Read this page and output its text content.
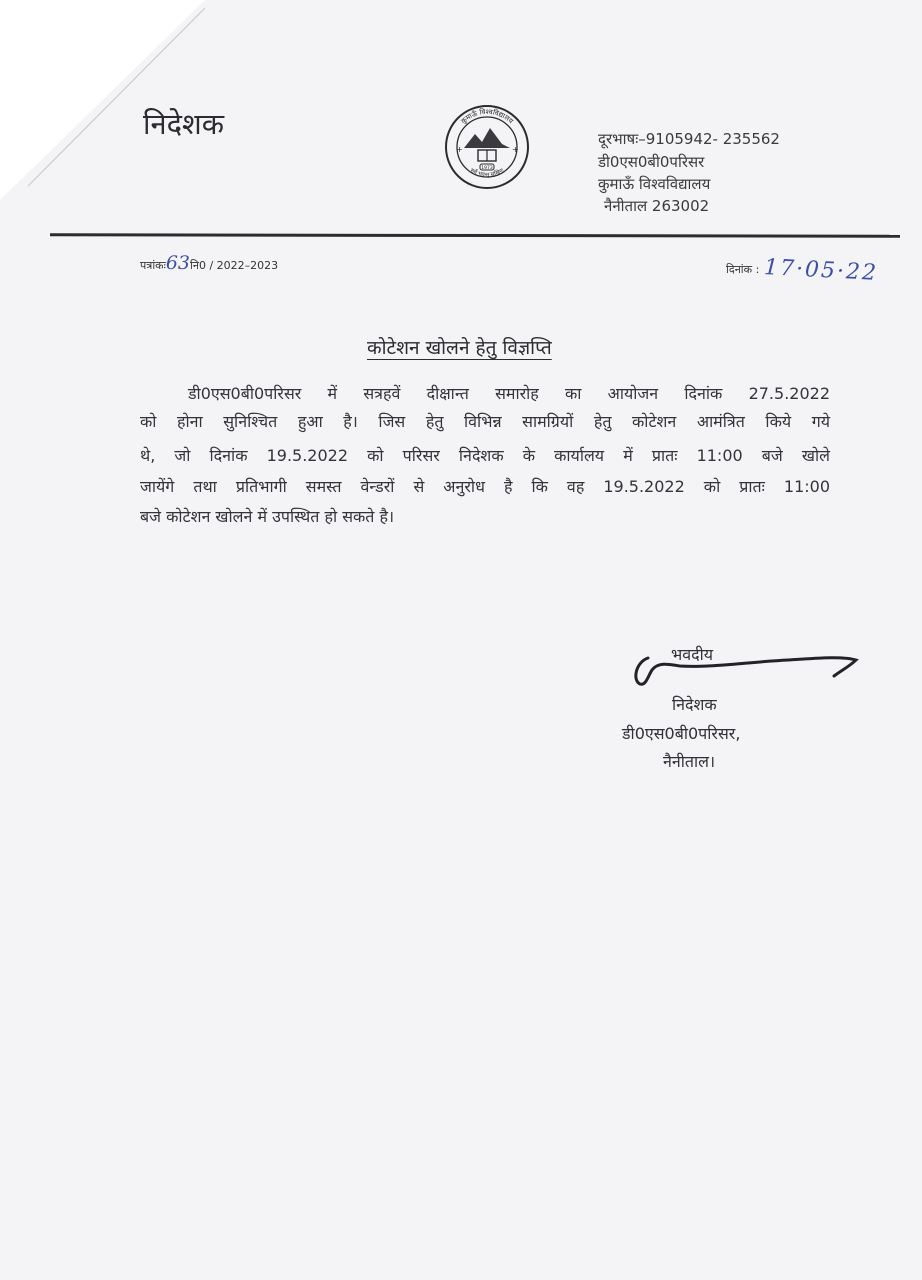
निदेशक
1973
कुमाऊँ विश्वविद्यालय
सर्वे भवन्तु सुखिनः
+	+
दूरभाषः–9105942- 235562
डी0एस0बी0परिसर
कुमाऊँ विश्वविद्यालय
नैनीताल 263002
पत्रांकः63नि0 / 2022–2023	दिनांक : 17·05·22
कोटेशन खोलने हेतु विज्ञप्ति
डी0एस0बी0परिसर में सत्रहवें दीक्षान्त समारोह का आयोजन दिनांक 27.5.2022
को होना सुनिश्चित हुआ है। जिस हेतु विभिन्न सामग्रियों हेतु कोटेशन आमंत्रित किये गये
थे, जो दिनांक 19.5.2022 को परिसर निदेशक के कार्यालय में प्रातः 11:00 बजे खोले
जायेंगे तथा प्रतिभागी समस्त वेन्डरों से अनुरोध है कि वह 19.5.2022 को प्रातः 11:00
बजे कोटेशन खोलने में उपस्थित हो सकते है।
भवदीय
निदेशक
डी0एस0बी0परिसर,
नैनीताल।
